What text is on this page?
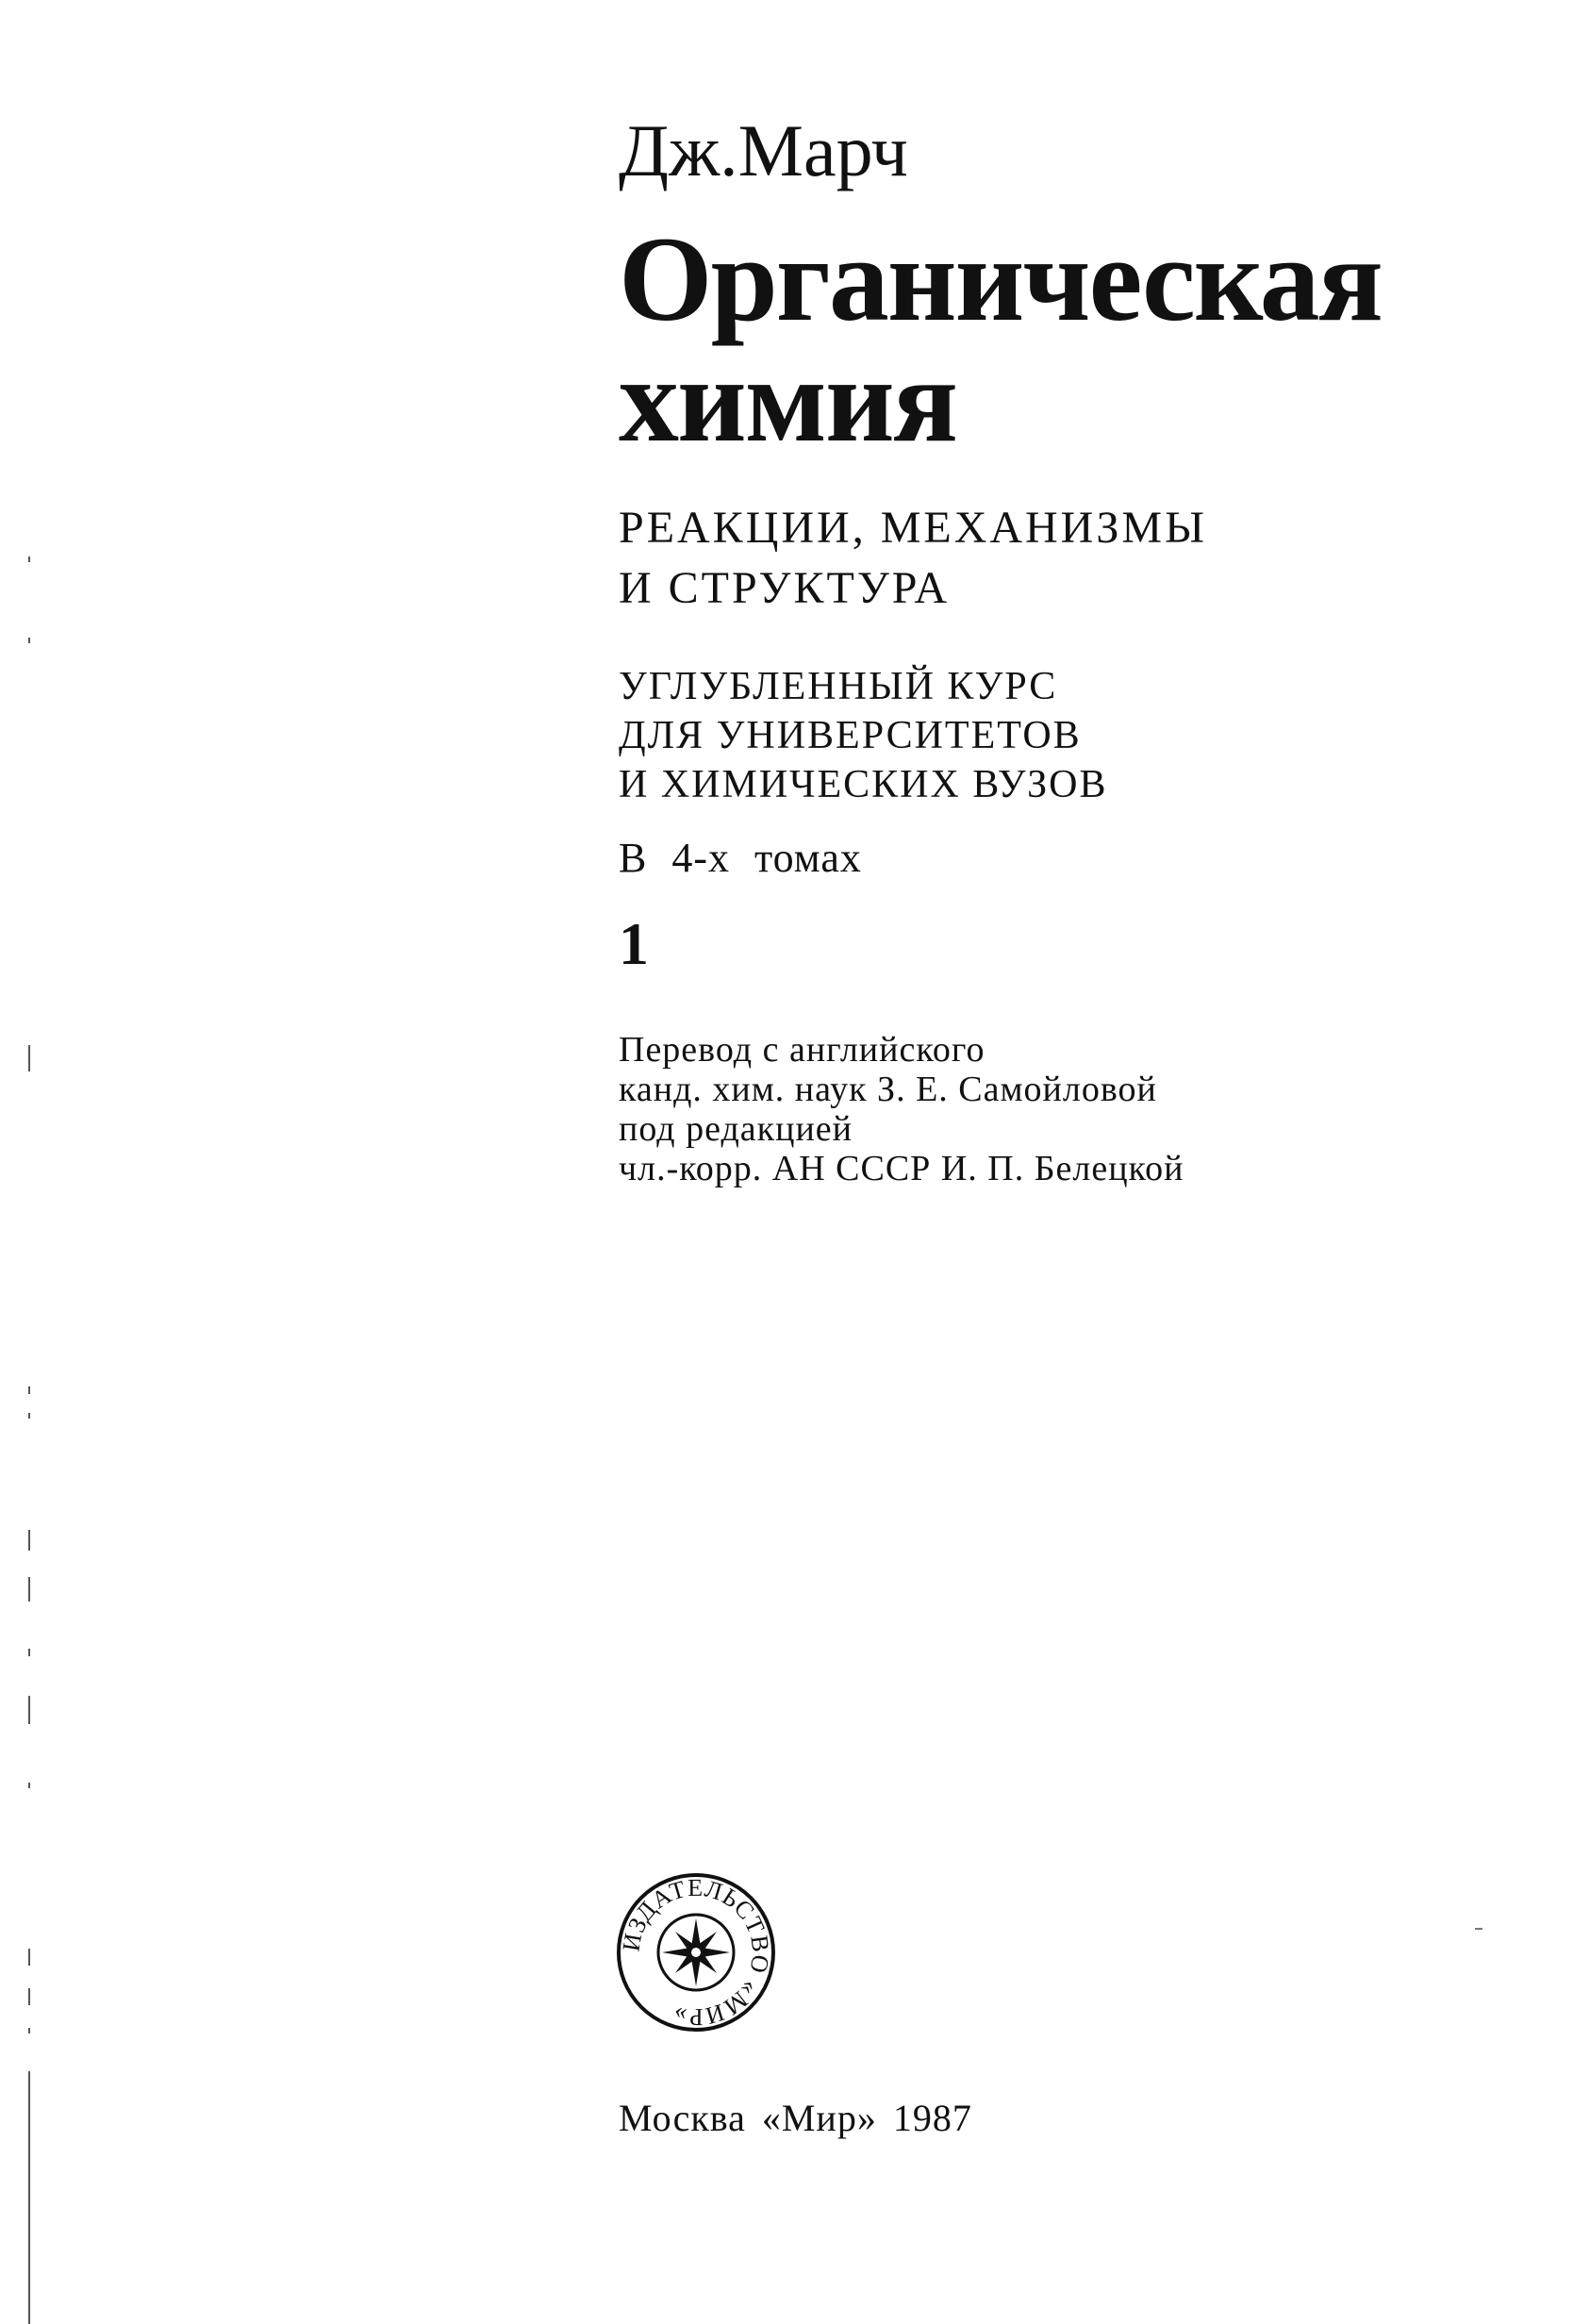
Дж.Марч
Органическая
химия
РЕАКЦИИ, МЕХАНИЗМЫ
И СТРУКТУРА
УГЛУБЛЕННЫЙ КУРС
ДЛЯ УНИВЕРСИТЕТОВ
И ХИМИЧЕСКИХ ВУЗОВ
В 4-х томах
1
Перевод с английского
канд. хим. наук З. Е. Самойловой
под редакцией
чл.-корр. АН СССР И. П. Белецкой
ИЗДАТЕЛЬСТВО «МИР»
Москва «Мир» 1987
